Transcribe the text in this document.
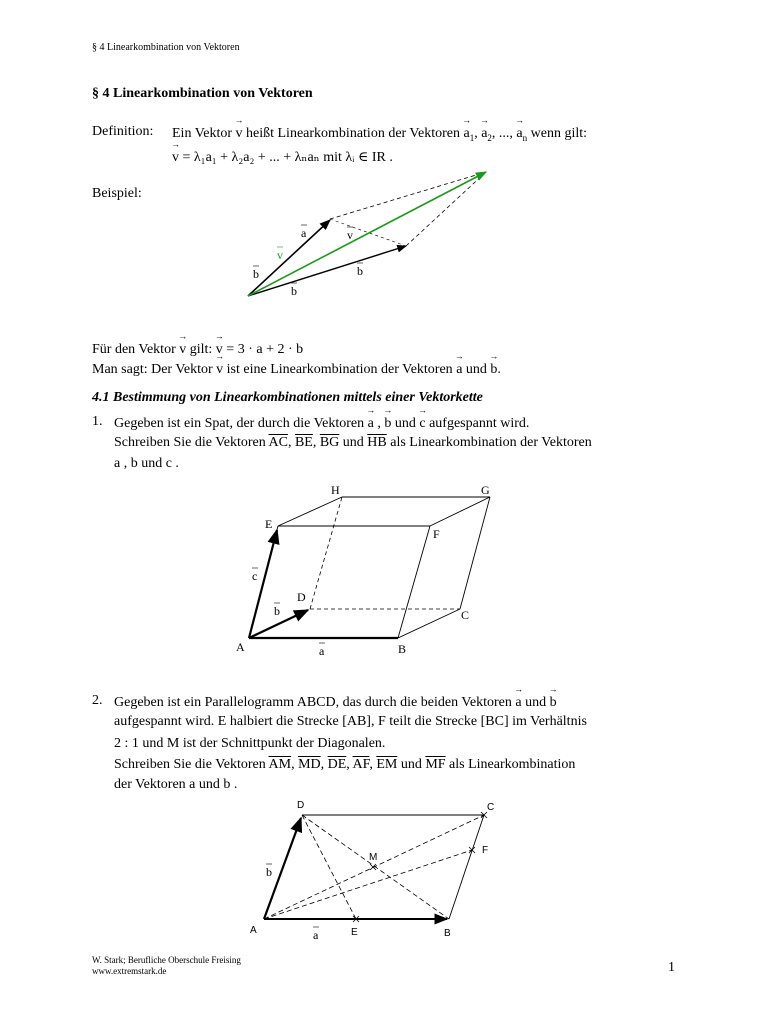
§ 4 Linearkombination von Vektoren
§ 4 Linearkombination von Vektoren
Definition: Ein Vektor → v heißt Linearkombination der Vektoren → $a_1$, → $a_2$, ..., → $a_n$ wenn gilt:
→ v = λ₁a₁ + λ₂a₂ + ... + λₙaₙ mit λᵢ ∈ IR .
Beispiel:
a	v
v
b	b
b
Für den Vektor → v gilt: → v = 3 · a + 2 · b
Man sagt: Der Vektor → v ist eine Linearkombination der Vektoren → a und → b.
4.1 Bestimmung von Linearkombinationen mittels einer Vektorkette
1. Gegeben ist ein Spat, der durch die Vektoren → a , → b und → c aufgespannt wird.
Schreiben Sie die Vektoren $\overline{AC}$, $\overline{BE}$, $\overline{BG}$ und $\overline{HB}$ als Linearkombination der Vektoren
a , b und c .
A	B
C
D
E
F
G
H
a
b
c
2. Gegeben ist ein Parallelogramm ABCD, das durch die beiden Vektoren → a und → b
aufgespannt wird. E halbiert die Strecke [AB], F teilt die Strecke [BC] im Verhältnis
2 : 1 und M ist der Schnittpunkt der Diagonalen.
Schreiben Sie die Vektoren $\overline{AM}$, $\overline{MD}$, $\overline{DE}$, $\overline{AF}$, $\overline{EM}$ und $\overline{MF}$ als Linearkombination
der Vektoren a und b .
A	B
C
D
E
F
M
a
b
W. Stark; Berufliche Oberschule Freising
www.extremstark.de	1
